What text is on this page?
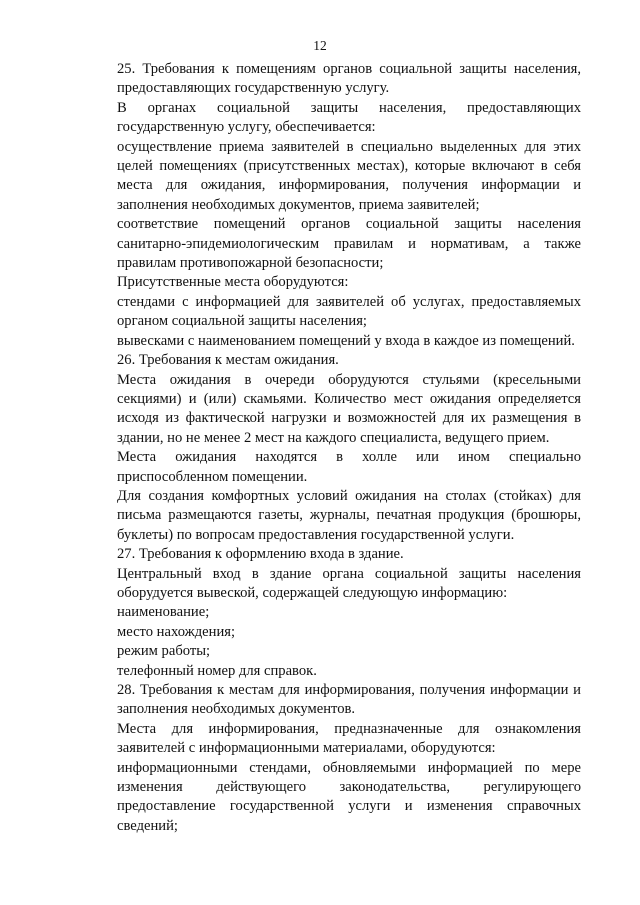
12

25. Требования к помещениям органов социальной защиты населения, предоставляющих государственную услугу.

В органах социальной защиты населения, предоставляющих государственную услугу, обеспечивается:

осуществление приема заявителей в специально выделенных для этих целей помещениях (присутственных местах), которые включают в себя места для ожидания, информирования, получения информации и заполнения необходимых документов, приема заявителей;

соответствие помещений органов социальной защиты населения санитарно-эпидемиологическим правилам и нормативам, а также правилам противопожарной безопасности;

Присутственные места оборудуются:

стендами с информацией для заявителей об услугах, предоставляемых органом социальной защиты населения;

вывесками с наименованием помещений у входа в каждое из помещений.

26. Требования к местам ожидания.

Места ожидания в очереди оборудуются стульями (кресельными секциями) и (или) скамьями. Количество мест ожидания определяется исходя из фактической нагрузки и возможностей для их размещения в здании, но не менее 2 мест на каждого специалиста, ведущего прием.

Места ожидания находятся в холле или ином специально приспособленном помещении.

Для создания комфортных условий ожидания на столах (стойках) для письма размещаются газеты, журналы, печатная продукция (брошюры, буклеты) по вопросам предоставления государственной услуги.

27. Требования к оформлению входа в здание.

Центральный вход в здание органа социальной защиты населения оборудуется вывеской, содержащей следующую информацию:

наименование;

место нахождения;

режим работы;

телефонный номер для справок.

28. Требования к местам для информирования, получения информации и заполнения необходимых документов.

Места для информирования, предназначенные для ознакомления заявителей с информационными материалами, оборудуются:

информационными стендами, обновляемыми информацией по мере изменения действующего законодательства, регулирующего предоставление государственной услуги и изменения справочных сведений;
